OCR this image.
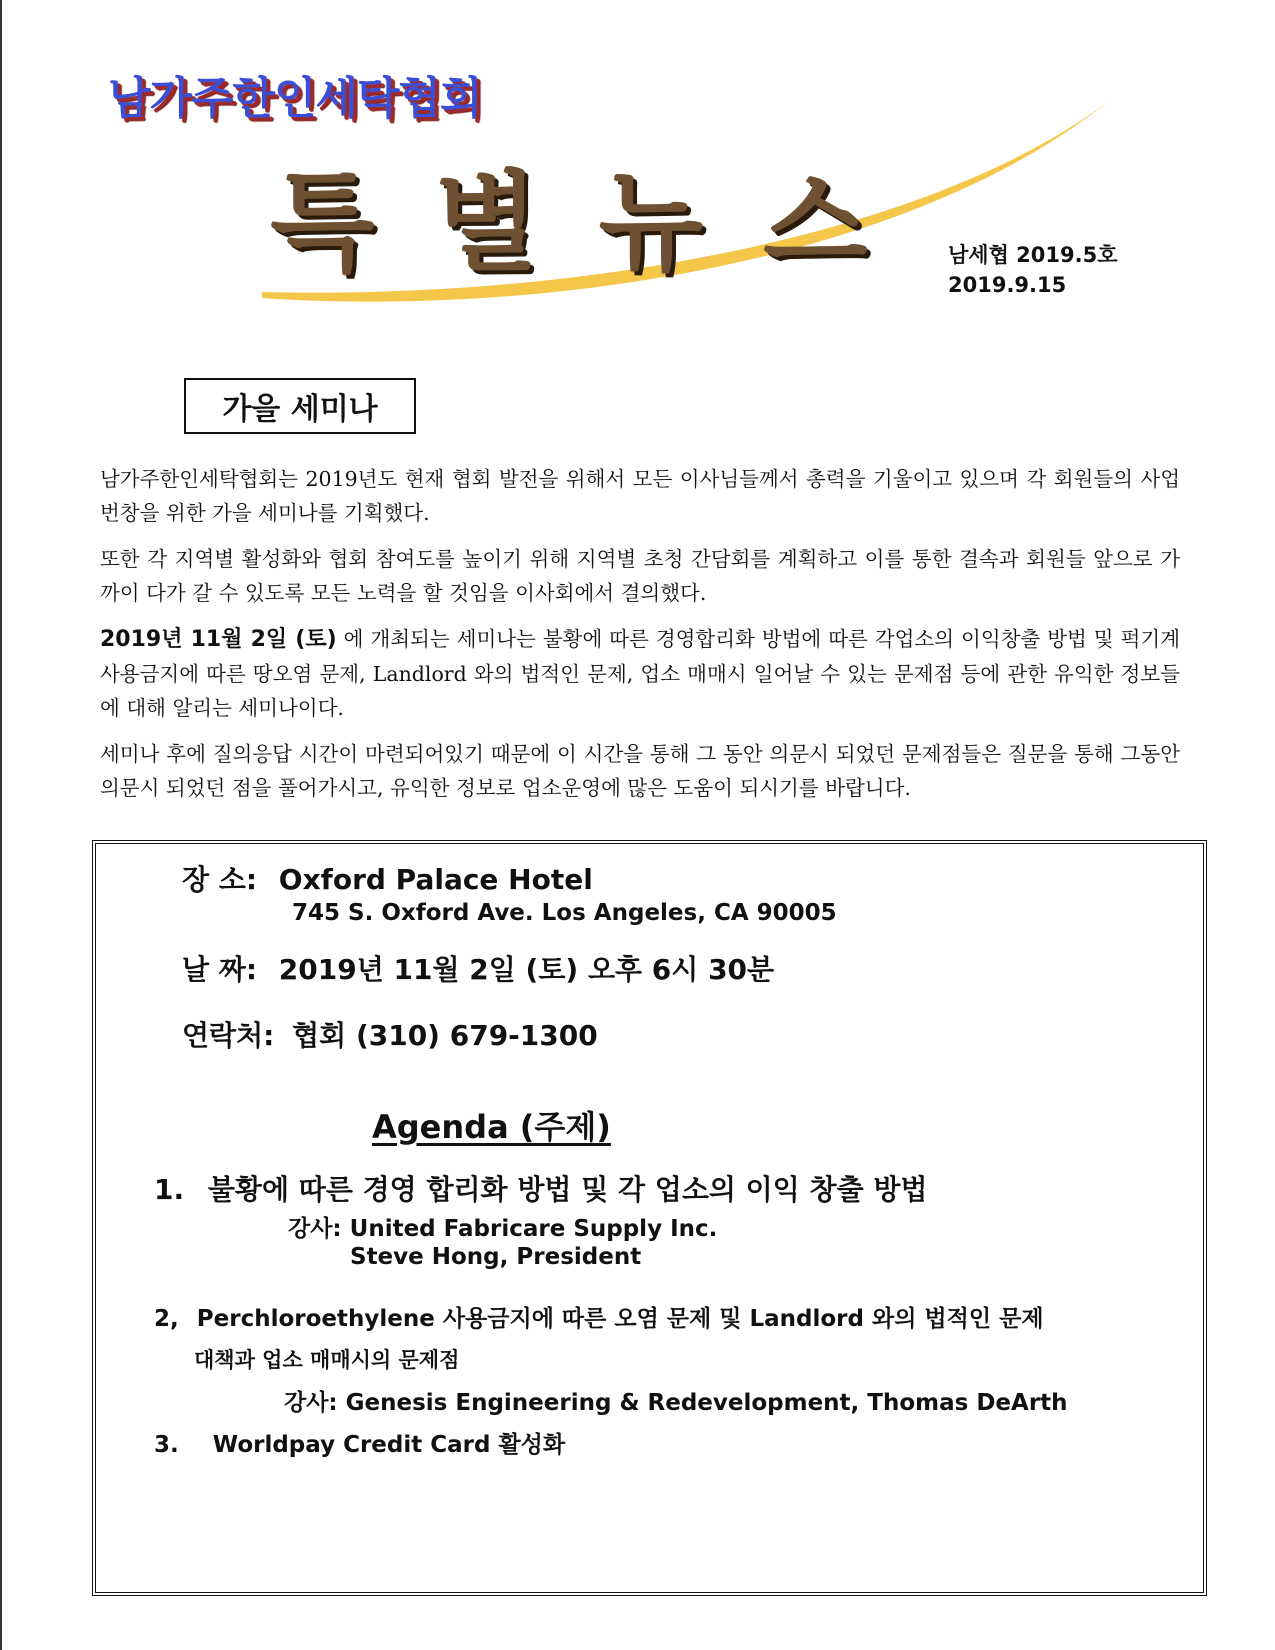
남가주한인세탁협회
특별뉴스 남세협 2019.5호
2019.9.15
가을 세미나

남가주한인세탁협회는 2019년도 현재 협회 발전을 위해서 모든 이사님들께서 총력을 기울이고 있으며 각 회원들의 사업번창을 위한 가을 세미나를 기획했다.

또한 각 지역별 활성화와 협회 참여도를 높이기 위해 지역별 초청 간담회를 계획하고 이를 통한 결속과 회원들 앞으로 가까이 다가 갈 수 있도록 모든 노력을 할 것임을 이사회에서 결의했다.

2019년 11월 2일 (토) 에 개최되는 세미나는 불황에 따른 경영합리화 방법에 따른 각업소의 이익창출 방법 및 퍽기계 사용금지에 따른 땅오염 문제, Landlord 와의 법적인 문제, 업소 매매시 일어날 수 있는 문제점 등에 관한 유익한 정보들에 대해 알리는 세미나이다.

세미나 후에 질의응답 시간이 마련되어있기 때문에 이 시간을 통해 그 동안 의문시 되었던 문제점들은 질문을 통해 그동안 의문시 되었던 점을 풀어가시고, 유익한 정보로 업소운영에 많은 도움이 되시기를 바랍니다.

장 소: Oxford Palace Hotel
745 S. Oxford Ave. Los Angeles, CA 90005
날 짜: 2019년 11월 2일 (토) 오후 6시 30분
연락처: 협회 (310) 679-1300
Agenda (주제)
1. 불황에 따른 경영 합리화 방법 및 각 업소의 이익 창출 방법
강사: United Fabricare Supply Inc.
Steve Hong, President
2, Perchloroethylene 사용금지에 따른 오염 문제 및 Landlord 와의 법적인 문제
대책과 업소 매매시의 문제점
강사: Genesis Engineering & Redevelopment, Thomas DeArth
3. Worldpay Credit Card 활성화
